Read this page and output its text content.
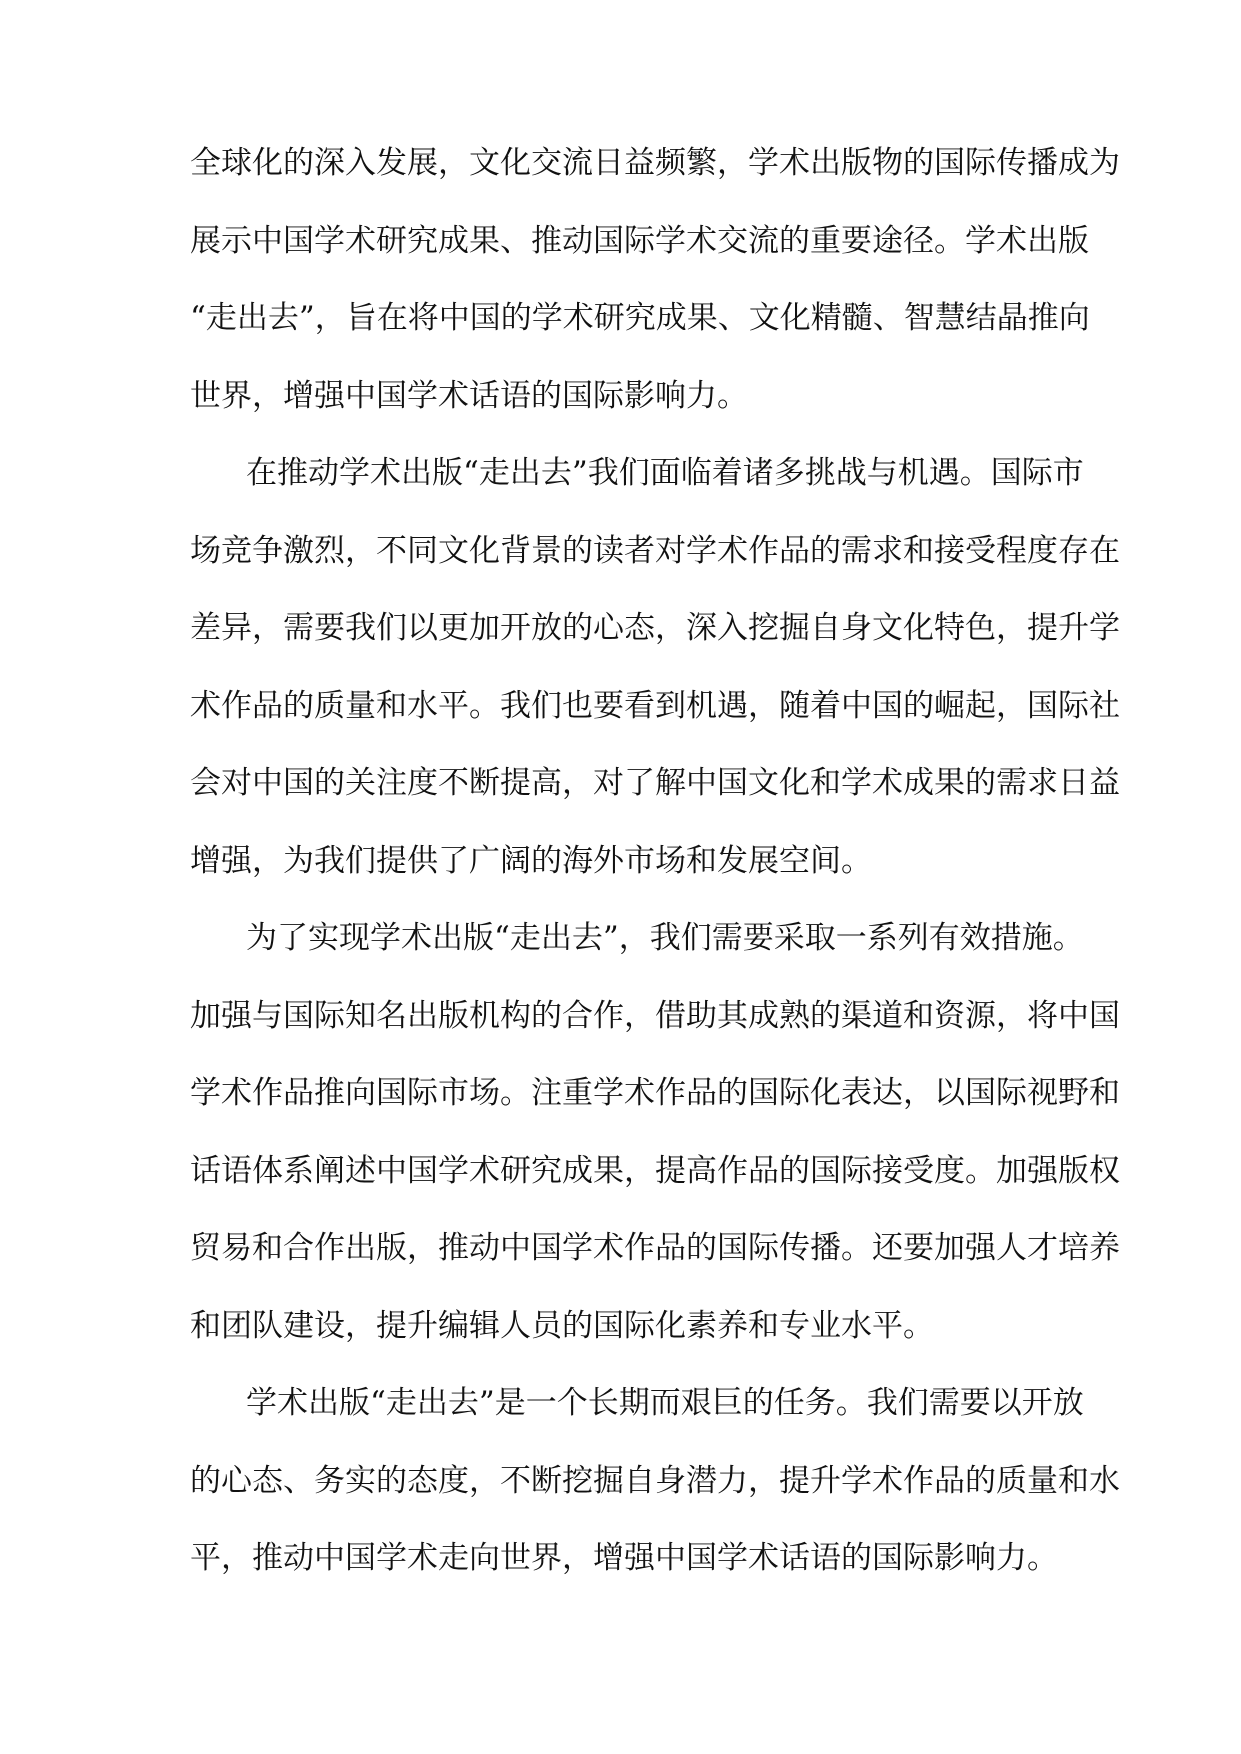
全球化的深入发展，文化交流日益频繁，学术出版物的国际传播成为
展示中国学术研究成果、推动国际学术交流的重要途径。学术出版
“走出去”，旨在将中国的学术研究成果、文化精髓、智慧结晶推向
世界，增强中国学术话语的国际影响力。
在推动学术出版“走出去”我们面临着诸多挑战与机遇。国际市
场竞争激烈，不同文化背景的读者对学术作品的需求和接受程度存在
差异，需要我们以更加开放的心态，深入挖掘自身文化特色，提升学
术作品的质量和水平。我们也要看到机遇，随着中国的崛起，国际社
会对中国的关注度不断提高，对了解中国文化和学术成果的需求日益
增强，为我们提供了广阔的海外市场和发展空间。
为了实现学术出版“走出去”，我们需要采取一系列有效措施。
加强与国际知名出版机构的合作，借助其成熟的渠道和资源，将中国
学术作品推向国际市场。注重学术作品的国际化表达，以国际视野和
话语体系阐述中国学术研究成果，提高作品的国际接受度。加强版权
贸易和合作出版，推动中国学术作品的国际传播。还要加强人才培养
和团队建设，提升编辑人员的国际化素养和专业水平。
学术出版“走出去”是一个长期而艰巨的任务。我们需要以开放
的心态、务实的态度，不断挖掘自身潜力，提升学术作品的质量和水
平，推动中国学术走向世界，增强中国学术话语的国际影响力。
